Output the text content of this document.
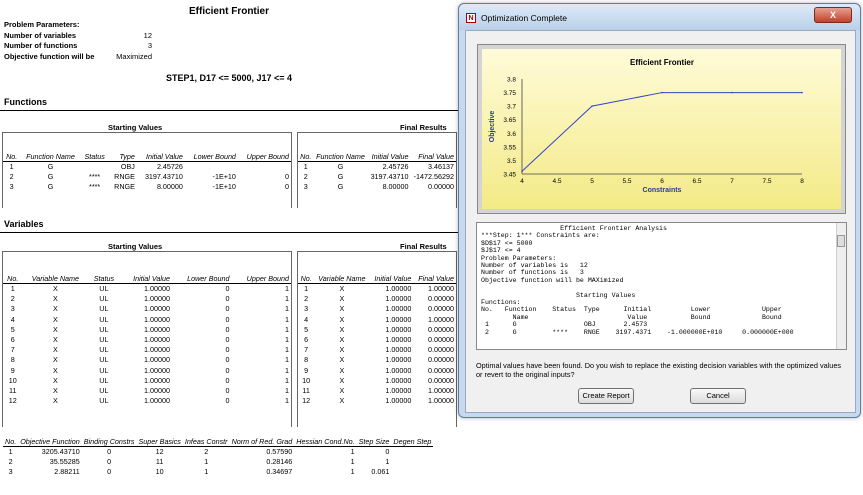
Efficient Frontier
Problem Parameters:
Number of variables	12
Number of functions	3
Objective function will be	Maximized
STEP1, D17 <= 5000, J17 <= 4
Functions
Starting Values	Final Results
No.	Function Name	Status	Type	Initial Value	Lower Bound	Upper Bound
1	G		OBJ	2.45726		
2	G	****	RNGE	3197.43710	-1E+10	0
3	G	****	RNGE	8.00000	-1E+10	0
No.	Function Name	Initial Value	Final Value
1	G	2.45726	3.46137
2	G	3197.43710	-1472.56292
3	G	8.00000	0.00000
Variables
Starting Values	Final Results
No.	Variable Name	Status	Initial Value	Lower Bound	Upper Bound
1	X	UL	1.00000	0	1
2	X	UL	1.00000	0	1
3	X	UL	1.00000	0	1
4	X	UL	1.00000	0	1
5	X	UL	1.00000	0	1
6	X	UL	1.00000	0	1
7	X	UL	1.00000	0	1
8	X	UL	1.00000	0	1
9	X	UL	1.00000	0	1
10	X	UL	1.00000	0	1
11	X	UL	1.00000	0	1
12	X	UL	1.00000	0	1
No.	Variable Name	Initial Value	Final Value
1	X	1.00000	1.00000
2	X	1.00000	0.00000
3	X	1.00000	0.00000
4	X	1.00000	1.00000
5	X	1.00000	0.00000
6	X	1.00000	0.00000
7	X	1.00000	0.00000
8	X	1.00000	0.00000
9	X	1.00000	0.00000
10	X	1.00000	0.00000
11	X	1.00000	1.00000
12	X	1.00000	1.00000
No.	Objective Function	Binding Constrs	Super Basics	Infeas Constr	Norm of Red. Grad	Hessian Cond.No.	Step Size	Degen Step
1	3205.43710	0	12	2	0.57590	1	0	
2	35.55285	0	11	1	0.28146	1	1	
3	2.88211	0	10	1	0.34697	1	0.061	
N Optimization Complete	X
Efficient Frontier
3.45
3.5
3.55
3.6
3.65
3.7
3.75
3.8
4	4.5	5	5.5	6	6.5	7	7.5	8
Constraints
Objective
Efficient Frontier Analysis
***Step: 1*** Constraints are:
$D$17 <= 5000
$J$17 <= 4
Problem Parameters:
Number of variables is   12
Number of functions is   3
Objective function will be MAXimized

Starting Values
Functions:
No.   Function    Status  Type      Initial          Lower             Upper
Name                         Value           Bound             Bound
1      G                 OBJ       2.4573
2      G         ****    RNGE    3197.4371    -1.000000E+010     0.000000E+000
Optimal values have been found. Do you wish to replace the existing decision variables with the optimized values or revert to the original inputs?
Create Report	Cancel
